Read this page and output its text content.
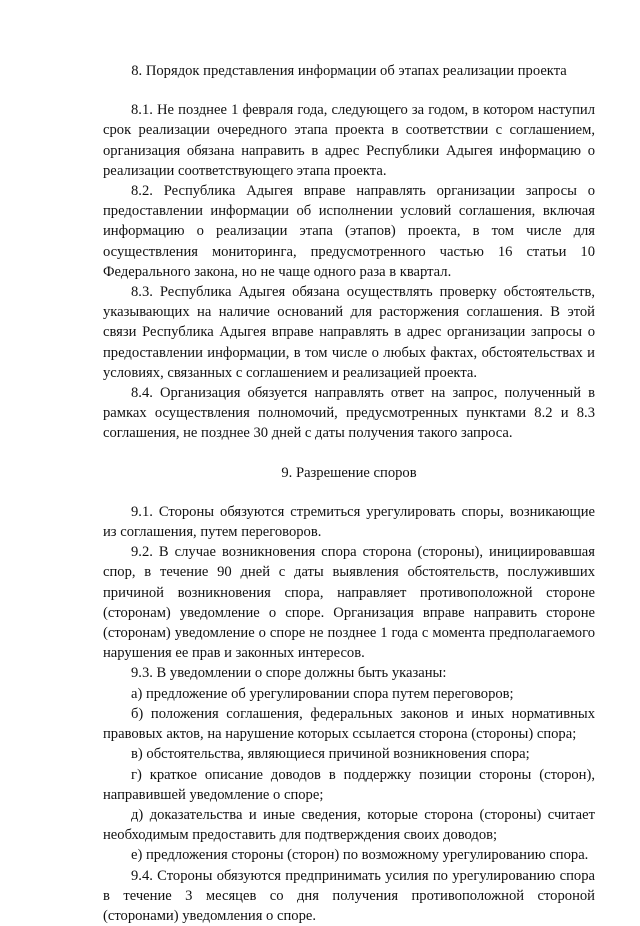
8. Порядок представления информации об этапах реализации проекта

8.1. Не позднее 1 февраля года, следующего за годом, в котором наступил срок реализации очередного этапа проекта в соответствии с соглашением, организация обязана направить в адрес Республики Адыгея информацию о реализации соответствующего этапа проекта.

8.2. Республика Адыгея вправе направлять организации запросы о предоставлении информации об исполнении условий соглашения, включая информацию о реализации этапа (этапов) проекта, в том числе для осуществления мониторинга, предусмотренного частью 16 статьи 10 Федерального закона, но не чаще одного раза в квартал.

8.3. Республика Адыгея обязана осуществлять проверку обстоятельств, указывающих на наличие оснований для расторжения соглашения. В этой связи Республика Адыгея вправе направлять в адрес организации запросы о предоставлении информации, в том числе о любых фактах, обстоятельствах и условиях, связанных с соглашением и реализацией проекта.

8.4. Организация обязуется направлять ответ на запрос, полученный в рамках осуществления полномочий, предусмотренных пунктами 8.2 и 8.3 соглашения, не позднее 30 дней с даты получения такого запроса.

9. Разрешение споров

9.1. Стороны обязуются стремиться урегулировать споры, возникающие из соглашения, путем переговоров.

9.2. В случае возникновения спора сторона (стороны), инициировавшая спор, в течение 90 дней с даты выявления обстоятельств, послуживших причиной возникновения спора, направляет противоположной стороне (сторонам) уведомление о споре. Организация вправе направить стороне (сторонам) уведомление о споре не позднее 1 года с момента предполагаемого нарушения ее прав и законных интересов.

9.3. В уведомлении о споре должны быть указаны:

а) предложение об урегулировании спора путем переговоров;

б) положения соглашения, федеральных законов и иных нормативных правовых актов, на нарушение которых ссылается сторона (стороны) спора;

в) обстоятельства, являющиеся причиной возникновения спора;

г) краткое описание доводов в поддержку позиции стороны (сторон), направившей уведомление о споре;

д) доказательства и иные сведения, которые сторона (стороны) считает необходимым предоставить для подтверждения своих доводов;

е) предложения стороны (сторон) по возможному урегулированию спора.

9.4. Стороны обязуются предпринимать усилия по урегулированию спора в течение 3 месяцев со дня получения противоположной стороной (сторонами) уведомления о споре.
